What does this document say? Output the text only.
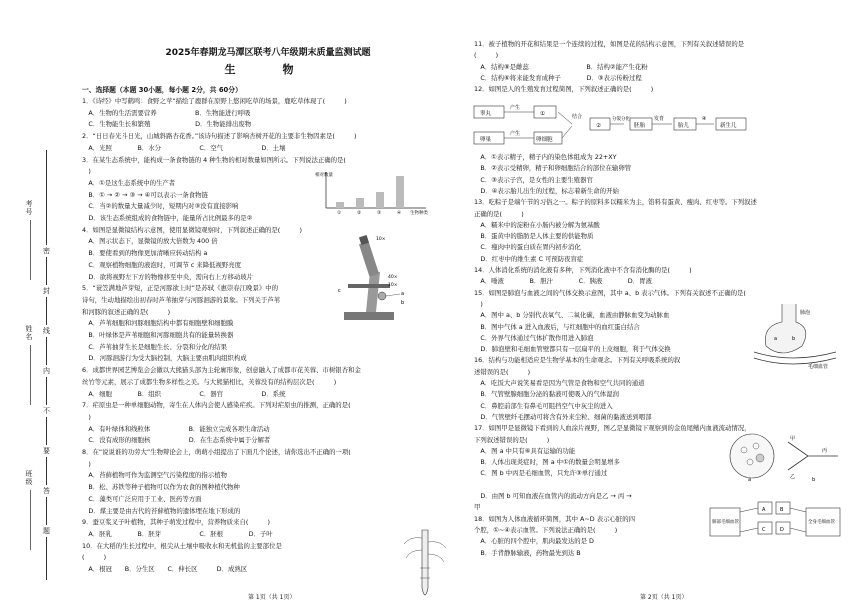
考号
姓名
班级
密
封
线
内
不
要
答
题
2025年春期龙马潭区联考八年级期末质量监测试题
生　物
一、选择题（本题 30小题，每小题 2分，共 60分）
相对数量
生物种类
①	②	③	④
a
b
c
10×
40×
10×
第 1页（共 1页）
1．《诗经》中写鹤鸣：食野之苹“描绘了鹿群在原野上悠闲吃草的场景，鹿吃草体现了(　　　)
　A．生物的生活需要营养　　　　　　B．生物能进行呼吸
　C．生物能生长和繁殖　　　　　　　D．生物能排出废物
2．“日日春光斗日光，山城斜路杏花香。”该诗句描述了影响杏树开花的主要非生物因素是(　　　)
　A．光照　　　　B．水分　　　　　　C．空气　　　　　　D．土壤
3．在某生态系统中，能构成一条食物链的 4 种生物的相对数量如图所示。下列说法正确的是(
　)
　A．①是这生态系统中的生产者
　B．① → ② → ③ → ④可以表示一条食物链
　C．当②的数量大量减少时，短期内对③没有直接影响
　D．该生态系统组成的食物链中，能量所占比例最多的是②
4．如图是显微镜结构示意图，使用显微镜观察时，下列叙述正确的是(　　　)
　A．图示状态下，显微镜的放大倍数为 400 倍
　B．要使看到的物像更加清晰应转动结构 a
　C．观察植物细胞的液泡时，可调节 c 来降低视野亮度
　D．欲将视野左下方的物像移至中央，需向右上方移动玻片
5．“蓑笠满地芦芽短，正是河豚欲上时”是苏轼《惠崇春江晚景》中的
诗句，生动地描绘出初春时芦苇抽芽与河豚洄游的景象。下列关于芦苇
和河豚的叙述正确的是(　　　)
　A．芦苇细胞和河豚细胞结构中都有细胞壁和细胞膜
　B．叶绿体是芦苇细胞和河豚细胞共有的能量转换器
　C．芦苇抽芽生长是细胞生长、分裂和分化的结果
　D．河豚洄游行为受大脑控制，大脑主要由肌肉组织构成
6．成都世界园艺博览会会徽以大熊猫头部为主轮廓形象，创意融入了成都市花芙蓉、市树银杏和金
丝竹等元素，展示了成都生物多样性之美。与大熊猫相比，芙蓉没有的结构层次是(　　　)
　A．细胞　　　　B．组织　　　　　　C．器官　　　　　　D．系统
7．疟原虫是一种单细胞动物，寄生在人体内会使人感染疟疾。下列对疟原虫的推测，正确的是(
　)
　A．有叶绿体和线粒体　　　　　　B．能独立完成各项生命活动
　C．没有成形的细胞核　　　　　　D．在生态系统中属于分解者
8．在“说说谁的功劳大”生物辩论会上，萌萌小组提出了下面几个论述，请你选出不正确的一项(
　)
　A．苔藓植物可作为监测空气污染程度的指示植物
　B．松、苏铁等种子植物可以作为农食的图种植代物种
　C．藻类可广泛应用于工业、医药等方面
　D．煤主要是由古代的苔藓植物的遗体埋在地下形成的
9．蚕豆浆叉子叶植物，其种子萌发过程中，营养物质来自(　　　)
　A．胚乳　　　　B．胚芽　　　　　　C．胚根　　　　D．子叶
10．在大稻的生长过程中，根尖从土壤中吸收水和无机盐的主要部位是
(　　　)
　A．根冠　　B．分生区　　C．伸长区　　　D．成熟区
睾丸
卵巢
产生
①
产生
卵细胞
结合
②
分裂分化
胚胎
发育
胎儿
④
新生儿
肺泡
毛细血管
a	b
a
甲
乙
丙
b
肺部毛细血管
A	B
C	D
全身毛细血管
第 2页（共 1页）
11．被子植物的开花和结果是一个连续的过程，如图是花的结构示意图，下列有关叙述错误的是
(　　　)
　A．结构⑧是雌蕊　　　　　　　　　B．结构②能产生花粉
　C．结构⑥将来能发育成种子　　　　D．③表示传粉过程
12．如图是人的生殖发育过程简图，下列叙述正确的是(　　　)
　A．①表示精子，精子内的染色体组成为 22+XY
　B．②表示受精卵，精子和卵细胞结合的部位在输卵管
　C．③表示子宫，是女性的主要生殖器官
　D．④表示胎儿出生的过程，标志着新生命的开始
13．吃粽子是端午节的习俗之一。粽子的原料多以糯米为主，馅料有蛋黄、瘦肉、红枣等。下列叙述
正确的是(　　　)
　A．糯米中的淀粉在小肠内被分解为氨基酸
　B．蛋黄中的脂肪是人体主要的供能物质
　C．瘦肉中的蛋白质在胃内初步消化
　D．红枣中的维生素 C 可预防夜盲症
14．人体消化系统的消化液有多种，下列消化液中不含有消化酶的是(　　　)
　A．唾液　　　　B．胆汁　　　　C．胰液　　　　D．胃液
15．如图是肺泡与血液之间的气体交换示意图，其中 a、b 表示气体。下列有关叙述不正确的是(
　)
　A．图中 a、b 分别代表氧气、二氧化碳，血液由静脉血变为动脉血
　B．图中气体 a 进入血液后，与红细胞中的血红蛋白结合
　C．外界气体通过气体扩散作用进入肺泡
　D．肺泡壁和毛细血管壁都只有一层扁平的上皮细胞，利于气体交换
16．结构与功能相适应是生物学基本的生命观念。下列有关呼吸系统的叙
述错误的是(　　　)
　A．吃饭大声说笑易看是因为气管是食物和空气共同的通道
　B．气管壁腺细胞分泌的黏液可使吸入的气体湿润
　C．鼻腔前部生有鼻毛可阻挡空气中灰尘的进入
　D．气管壁纤毛摆动可将含有外来尘粒、细菌的黏液送到咽部
17．如图甲是显微镜下看到的人血涂片视野，图乙是显微镜下观察到的金鱼尾鳍内血液流动情况，
下列叙述错误的是(　　　)
　A．图 a 中只有⑥具有运输的功能
　B．人体出现炎症时，图 a 中①的数量会明显增多
　C．图 b 中丙是毛细血管，只允许③单行通过
　D．由图 b 可知血液在血管内的流动方向是乙 → 丙 →
甲
18．如图为人体血液循环简图，其中 A~D 表示心脏的四
个腔，①~④表示血管。下列说法正确的是(　　　)
　A．心脏的四个腔中，肌肉最发达的是 D
　B．手背静脉输液，药物最先到达 B
